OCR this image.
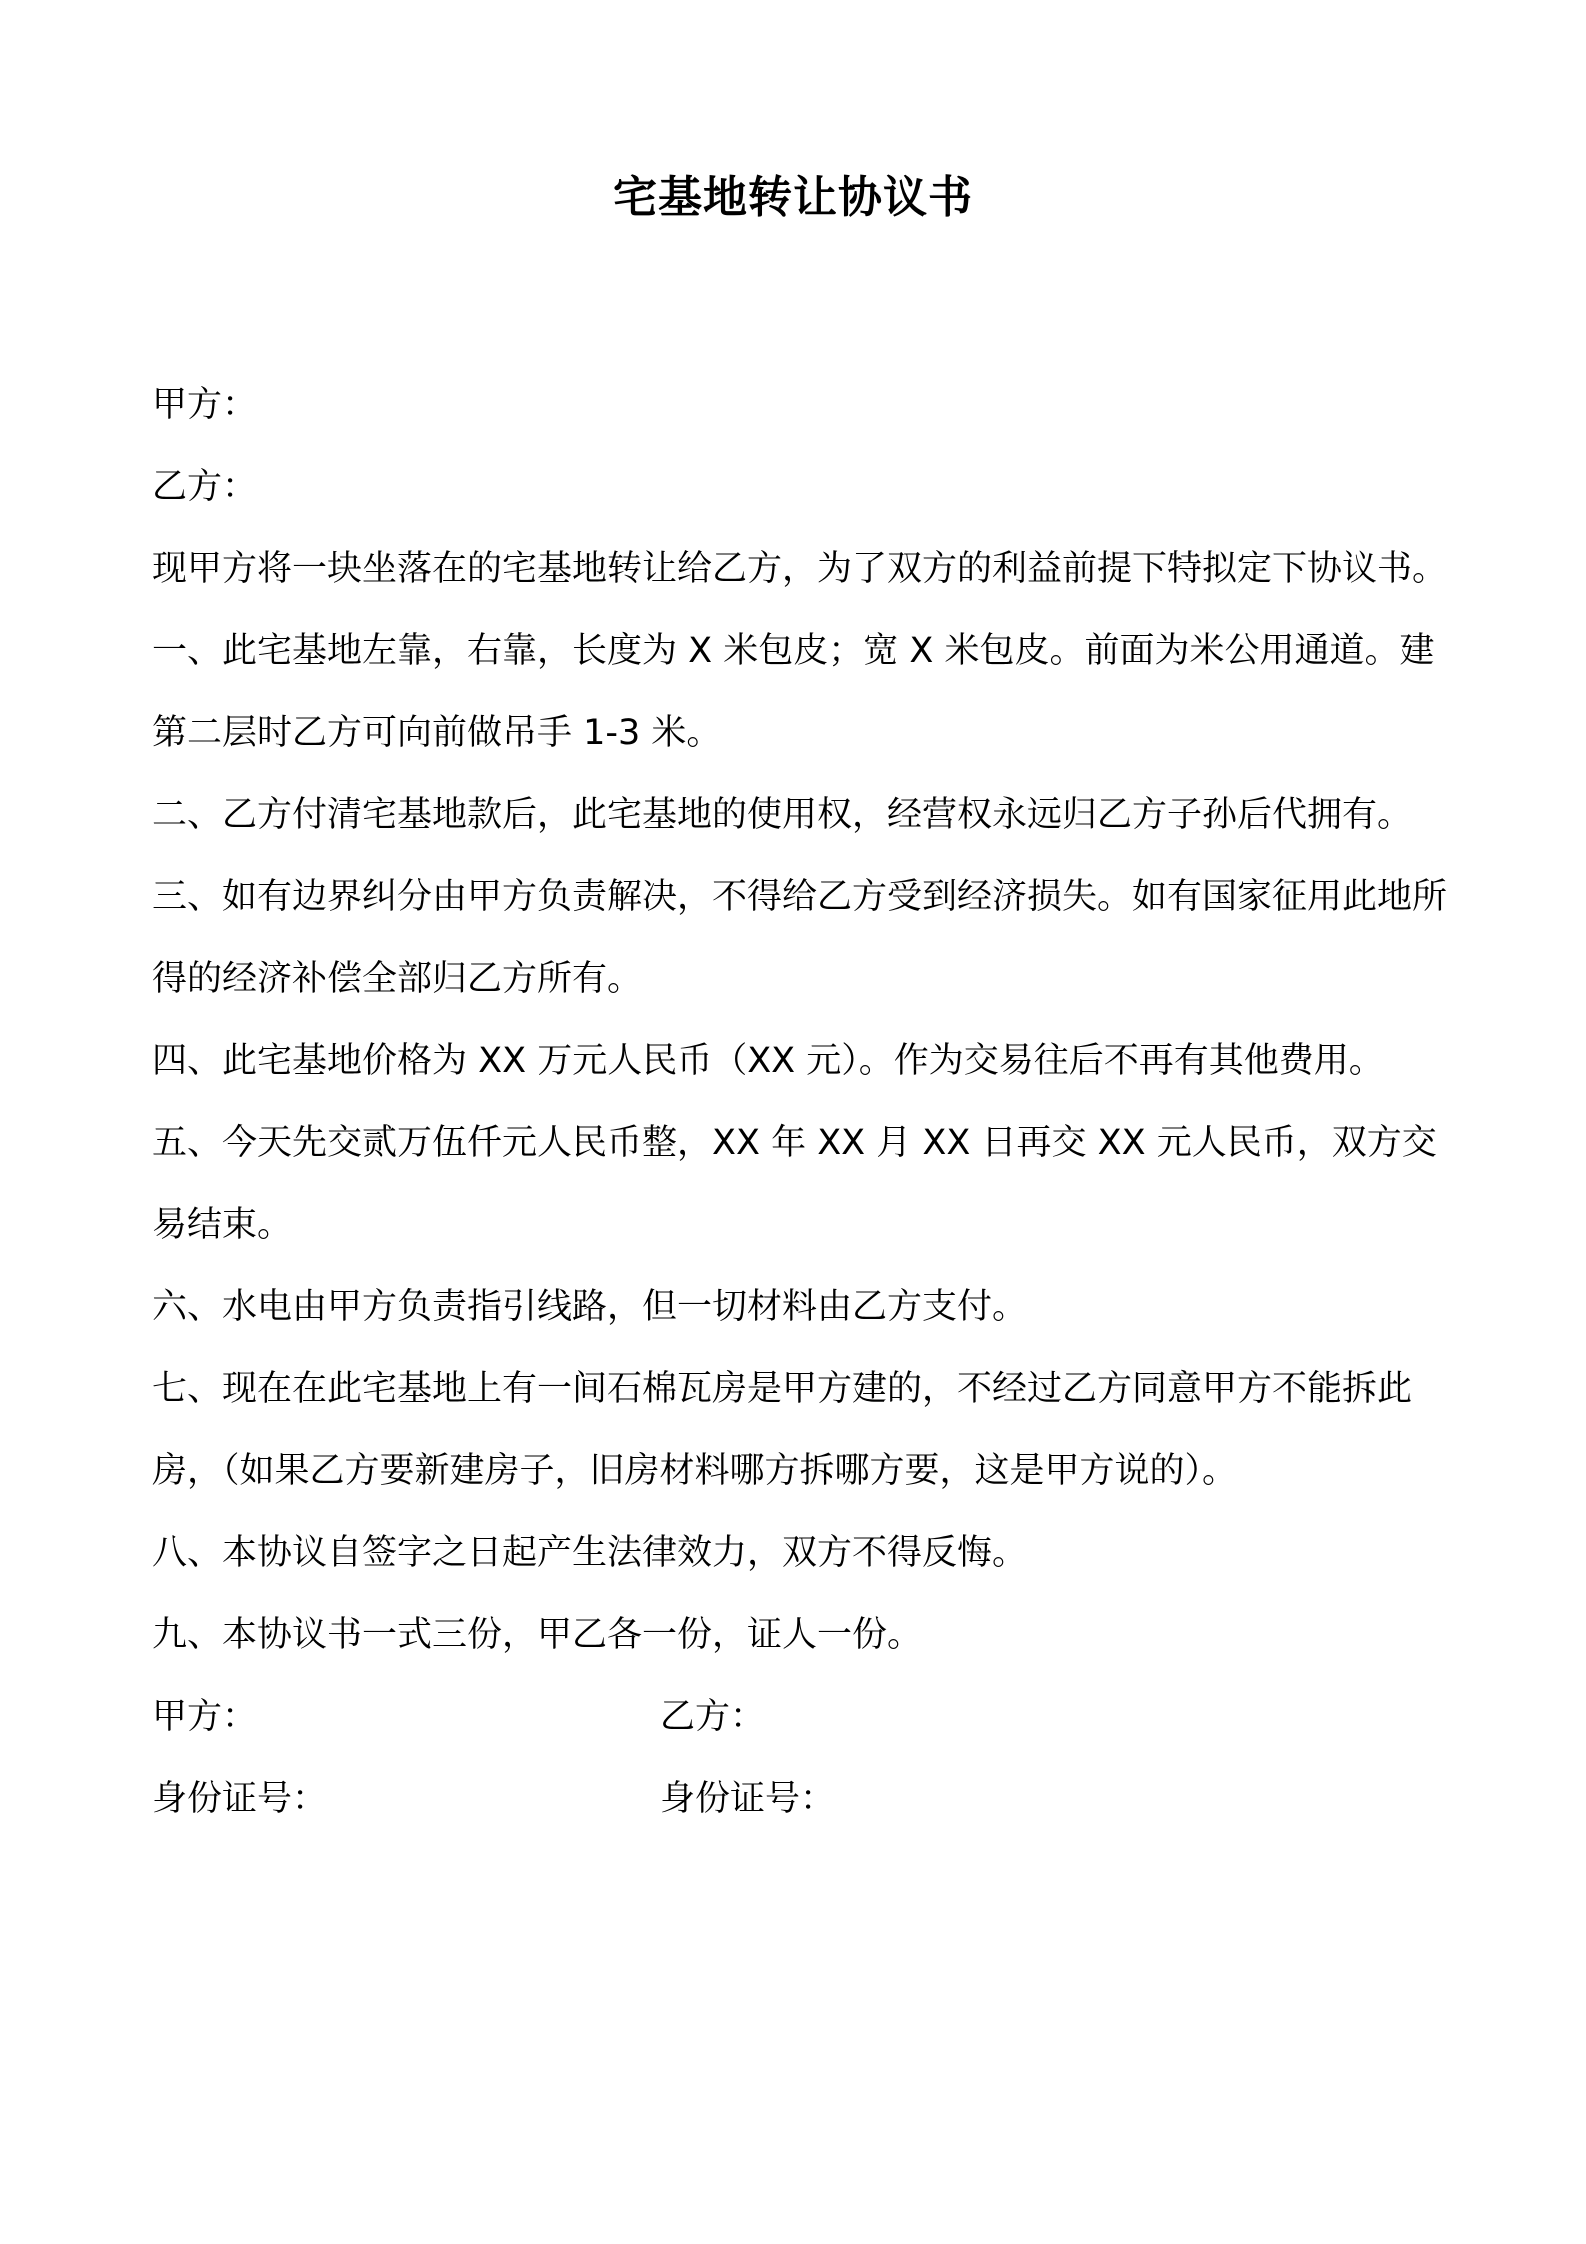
宅基地转让协议书

甲方：

乙方：

现甲方将一块坐落在的宅基地转让给乙方，为了双方的利益前提下特拟定下协议书。

一、此宅基地左靠，右靠，长度为 X 米包皮；宽 X 米包皮。前面为米公用通道。建第二层时乙方可向前做吊手 1-3 米。

二、乙方付清宅基地款后，此宅基地的使用权，经营权永远归乙方子孙后代拥有。

三、如有边界纠分由甲方负责解决，不得给乙方受到经济损失。如有国家征用此地所得的经济补偿全部归乙方所有。

四、此宅基地价格为 XX 万元人民币（XX 元）。作为交易往后不再有其他费用。

五、今天先交贰万伍仟元人民币整，XX 年 XX 月 XX 日再交 XX 元人民币，双方交易结束。

六、水电由甲方负责指引线路，但一切材料由乙方支付。

七、现在在此宅基地上有一间石棉瓦房是甲方建的，不经过乙方同意甲方不能拆此房，（如果乙方要新建房子，旧房材料哪方拆哪方要，这是甲方说的）。

八、本协议自签字之日起产生法律效力，双方不得反悔。

九、本协议书一式三份，甲乙各一份，证人一份。

甲方：	乙方：
身份证号：	身份证号：
